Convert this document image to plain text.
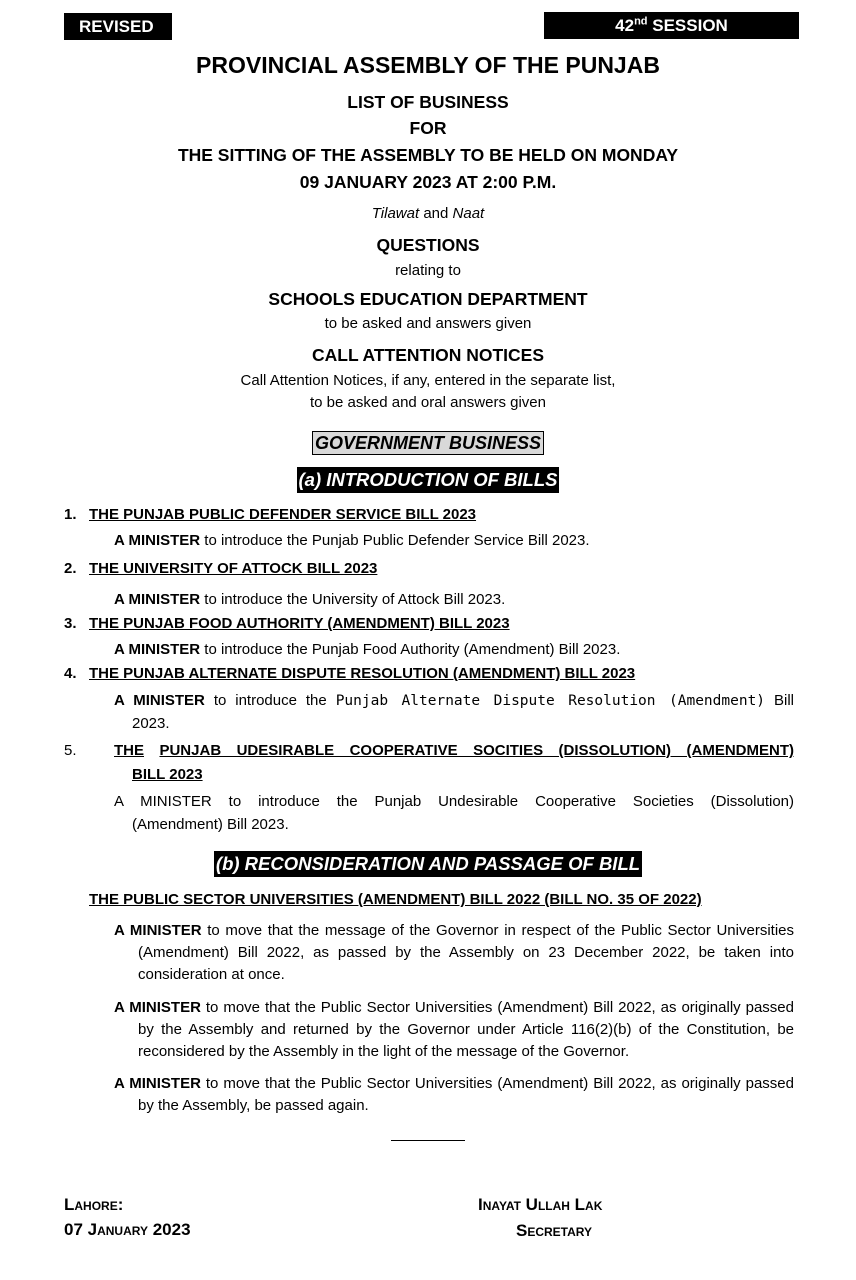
REVISED	42nd SESSION
PROVINCIAL ASSEMBLY OF THE PUNJAB
LIST OF BUSINESS
FOR
THE SITTING OF THE ASSEMBLY TO BE HELD ON MONDAY
09 JANUARY 2023 AT 2:00 P.M.
Tilawat and Naat
QUESTIONS
relating to
SCHOOLS EDUCATION DEPARTMENT
to be asked and answers given
CALL ATTENTION NOTICES
Call Attention Notices, if any, entered in the separate list,
to be asked and oral answers given
GOVERNMENT BUSINESS
(a) INTRODUCTION OF BILLS
1. THE PUNJAB PUBLIC DEFENDER SERVICE BILL 2023
A MINISTER to introduce the Punjab Public Defender Service Bill 2023.
2. THE UNIVERSITY OF ATTOCK BILL 2023
A MINISTER to introduce the University of Attock Bill 2023.
3. THE PUNJAB FOOD AUTHORITY (AMENDMENT) BILL 2023
A MINISTER to introduce the Punjab Food Authority (Amendment) Bill 2023.
4. THE PUNJAB ALTERNATE DISPUTE RESOLUTION (AMENDMENT) BILL 2023
A MINISTER to introduce the Punjab Alternate Dispute Resolution (Amendment) Bill
2023.
5. THE PUNJAB UDESIRABLE COOPERATIVE SOCITIES (DISSOLUTION) (AMENDMENT)
BILL 2023
A MINISTER to introduce the Punjab Undesirable Cooperative Societies (Dissolution)
(Amendment) Bill 2023.
(b) RECONSIDERATION AND PASSAGE OF BILL
THE PUBLIC SECTOR UNIVERSITIES (AMENDMENT) BILL 2022 (BILL NO. 35 OF 2022)
A MINISTER to move that the message of the Governor in respect of the Public Sector Universities (Amendment) Bill 2022, as passed by the Assembly on 23 December 2022, be taken into consideration at once.
A MINISTER to move that the Public Sector Universities (Amendment) Bill 2022, as originally passed by the Assembly and returned by the Governor under Article 116(2)(b) of the Constitution, be reconsidered by the Assembly in the light of the message of the Governor.
A MINISTER to move that the Public Sector Universities (Amendment) Bill 2022, as originally passed by the Assembly, be passed again.
Lahore:
07 January 2023
Inayat Ullah Lak
Secretary
